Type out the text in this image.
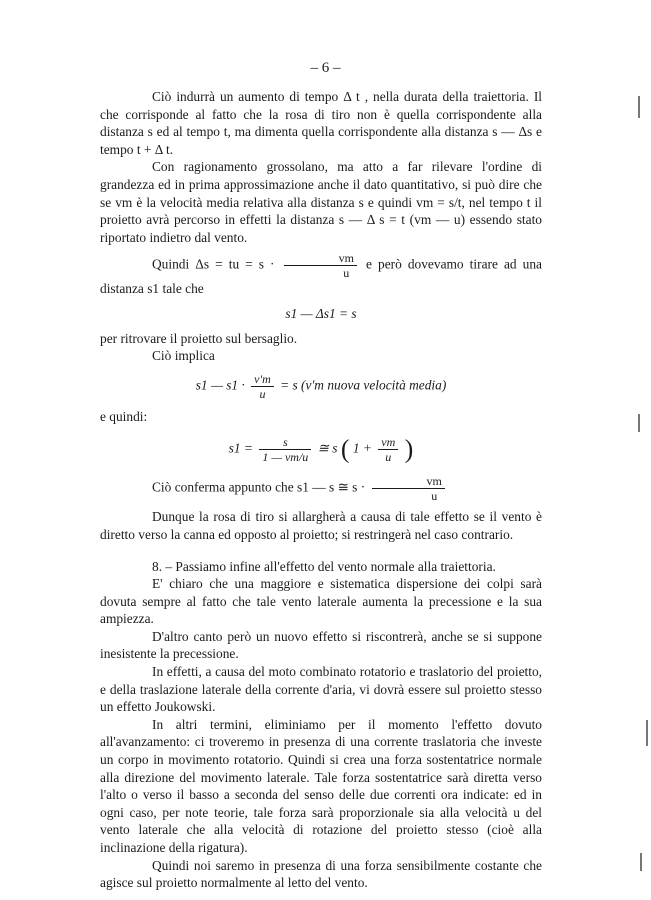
– 6 –

Ciò indurrà un aumento di tempo Δ t , nella durata della traiettoria. Il che corrisponde al fatto che la rosa di tiro non è quella corrispondente alla distanza s ed al tempo t, ma dimenta quella corrispondente alla distanza s — Δs e tempo t + Δ t.

Con ragionamento grossolano, ma atto a far rilevare l'ordine di grandezza ed in prima approssimazione anche il dato quantitativo, si può dire che se vm è la velocità media relativa alla distanza s e quindi vm = s/t, nel tempo t il proietto avrà percorso in effetti la distanza s — Δ s = t (vm — u) essendo stato riportato indietro dal vento.

Quindi Δs = tu = $s \cdot \frac{vm}{u}$ e però dovevamo tirare ad una distanza s1 tale che

s1 — Δs1 = s

per ritrovare il proietto sul bersaglio.

Ciò implica

s1 — $s1 \cdot \frac{v'm}{u} = s$ (v'm nuova velocità media)

e quindi:

$s1 = \frac{s}{1 — vm/u}$ ≅ s ( $1 + \frac{vm}{u}$ )

Ciò conferma appunto che s1 — s ≅ $s \cdot \frac{vm}{u}$

Dunque la rosa di tiro si allargherà a causa di tale effetto se il vento è diretto verso la canna ed opposto al proietto; si restringerà nel caso contrario.

8. – Passiamo infine all'effetto del vento normale alla traiettoria.

E' chiaro che una maggiore e sistematica dispersione dei colpi sarà dovuta sempre al fatto che tale vento laterale aumenta la precessione e la sua ampiezza.

D'altro canto però un nuovo effetto si riscontrerà, anche se si suppone inesistente la precessione.

In effetti, a causa del moto combinato rotatorio e traslatorio del proietto, e della traslazione laterale della corrente d'aria, vi dovrà essere sul proietto stesso un effetto Joukowski.

In altri termini, eliminiamo per il momento l'effetto dovuto all'avanzamento: ci troveremo in presenza di una corrente traslatoria che investe un corpo in movimento rotatorio. Quindi si crea una forza sostentatrice normale alla direzione del movimento laterale. Tale forza sostentatrice sarà diretta verso l'alto o verso il basso a seconda del senso delle due correnti ora indicate: ed in ogni caso, per note teorie, tale forza sarà proporzionale sia alla velocità u del vento laterale che alla velocità di rotazione del proietto stesso (cioè alla inclinazione della rigatura).

Quindi noi saremo in presenza di una forza sensibilmente costante che agisce sul proietto normalmente al letto del vento.
